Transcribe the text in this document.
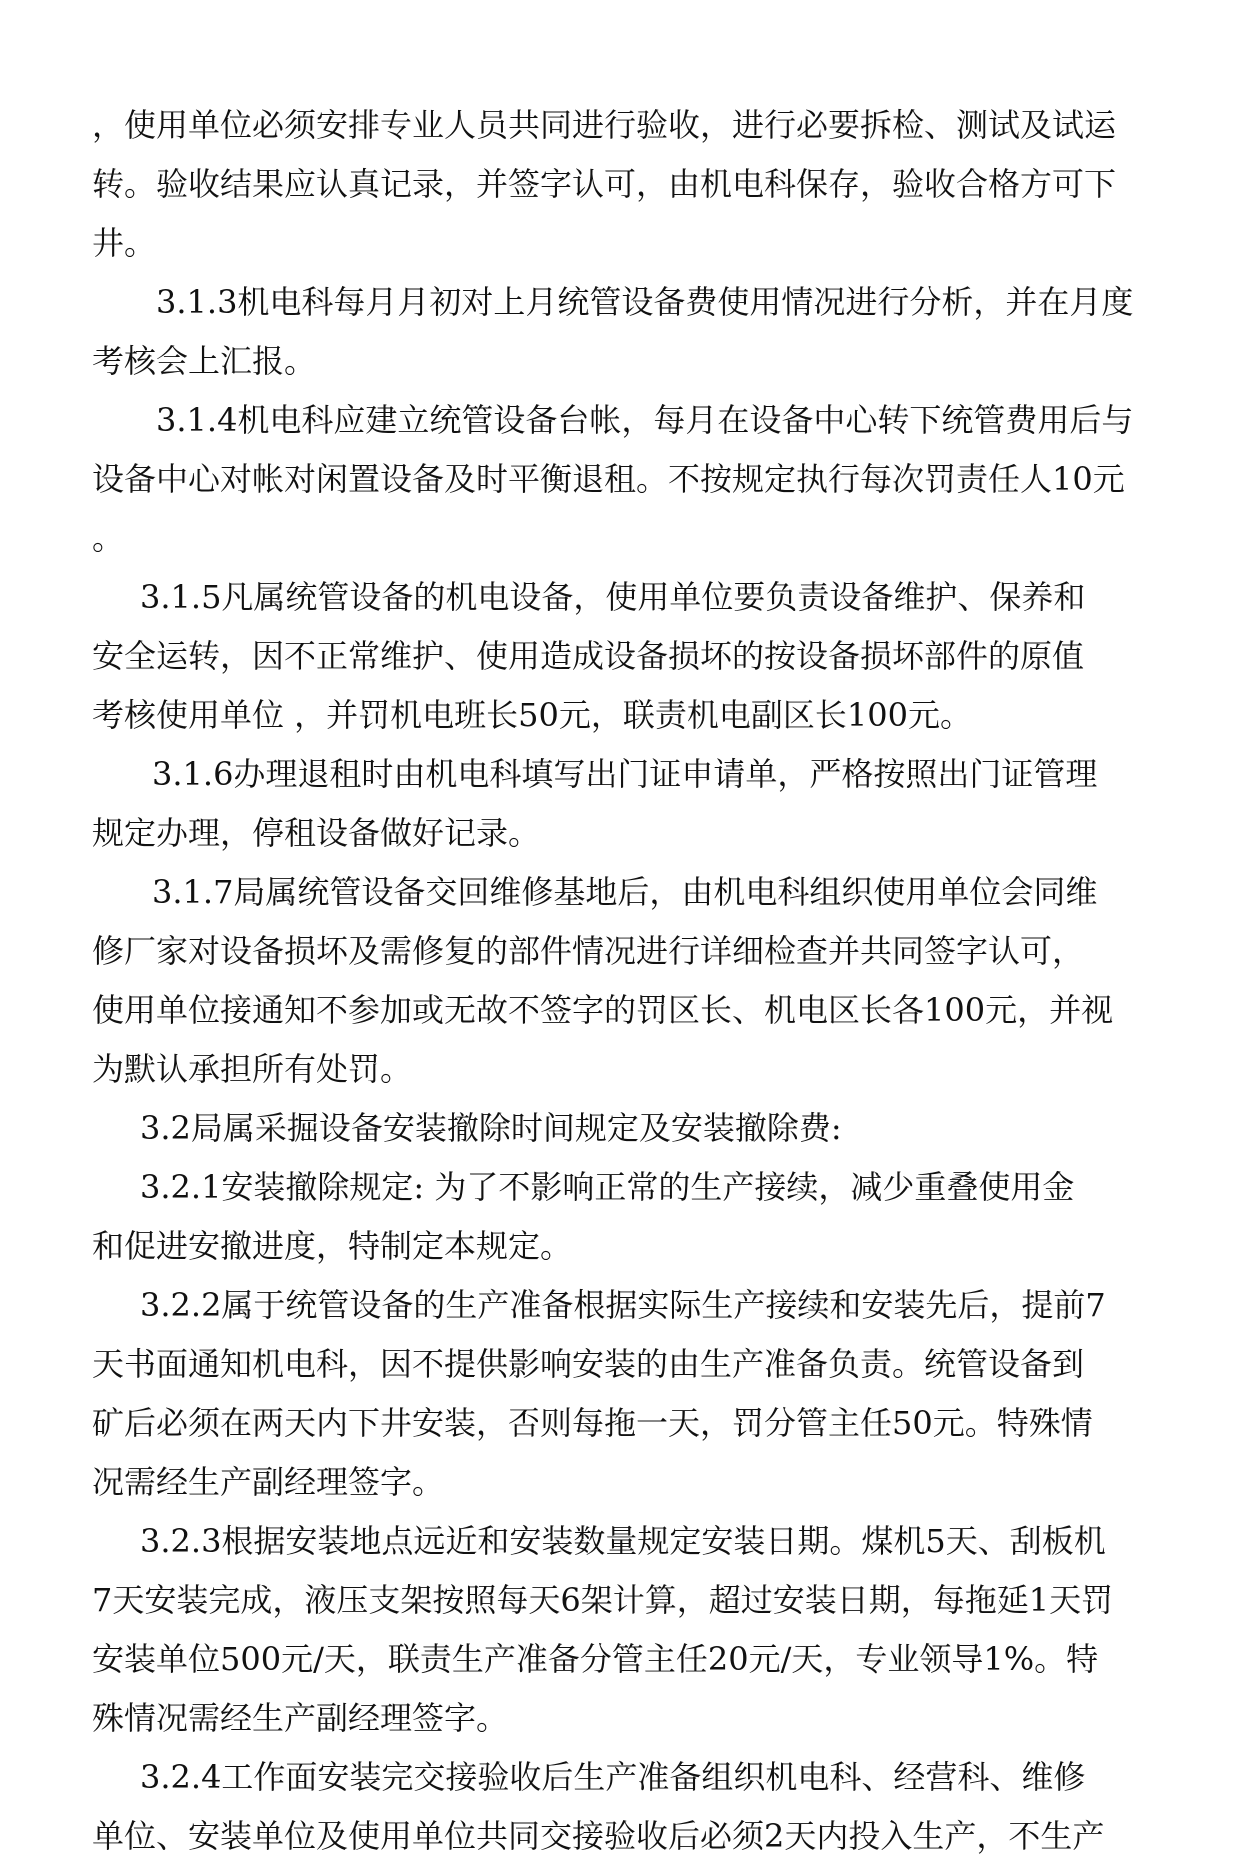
，使用单位必须安排专业人员共同进行验收，进行必要拆检、测试及试运
转。验收结果应认真记录，并签字认可，由机电科保存，验收合格方可下
井。
3.1.3机电科每月月初对上月统管设备费使用情况进行分析，并在月度
考核会上汇报。
3.1.4机电科应建立统管设备台帐，每月在设备中心转下统管费用后与
设备中心对帐对闲置设备及时平衡退租。不按规定执行每次罚责任人10元
。
3.1.5凡属统管设备的机电设备，使用单位要负责设备维护、保养和
安全运转，因不正常维护、使用造成设备损坏的按设备损坏部件的原值
考核使用单位 ，并罚机电班长50元，联责机电副区长100元。
3.1.6办理退租时由机电科填写出门证申请单，严格按照出门证管理
规定办理，停租设备做好记录。
3.1.7局属统管设备交回维修基地后，由机电科组织使用单位会同维
修厂家对设备损坏及需修复的部件情况进行详细检查并共同签字认可，
使用单位接通知不参加或无故不签字的罚区长、机电区长各100元，并视
为默认承担所有处罚。
3.2局属采掘设备安装撤除时间规定及安装撤除费:
3.2.1安装撤除规定: 为了不影响正常的生产接续，减少重叠使用金
和促进安撤进度，特制定本规定。
3.2.2属于统管设备的生产准备根据实际生产接续和安装先后，提前7
天书面通知机电科，因不提供影响安装的由生产准备负责。统管设备到
矿后必须在两天内下井安装，否则每拖一天，罚分管主任50元。特殊情
况需经生产副经理签字。
3.2.3根据安装地点远近和安装数量规定安装日期。煤机5天、刮板机
7天安装完成，液压支架按照每天6架计算，超过安装日期，每拖延1天罚
安装单位500元/天，联责生产准备分管主任20元/天，专业领导1%。特
殊情况需经生产副经理签字。
3.2.4工作面安装完交接验收后生产准备组织机电科、经营科、维修
单位、安装单位及使用单位共同交接验收后必须2天内投入生产，不生产
